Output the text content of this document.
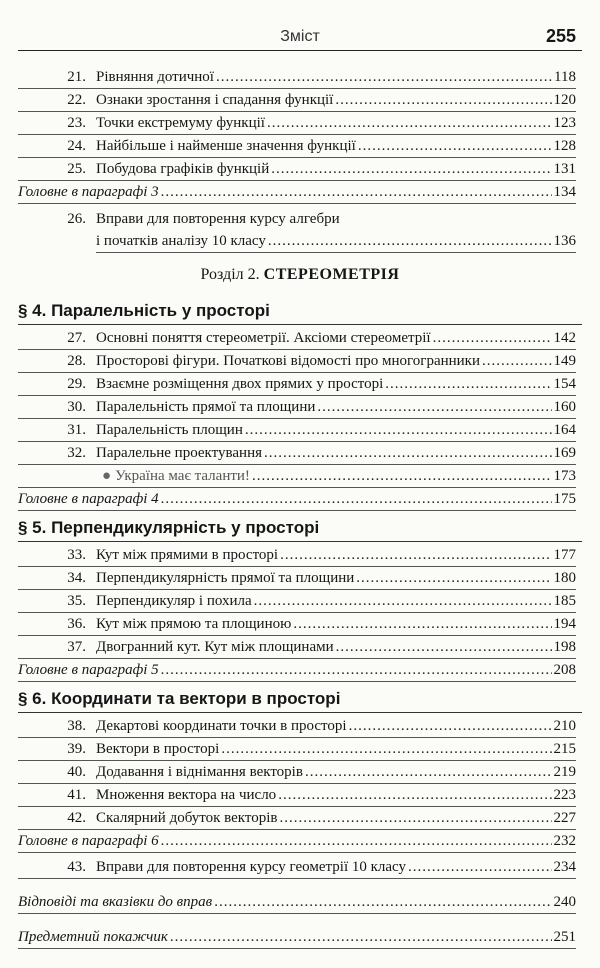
Зміст	255
21. Рівняння дотичної .....	118
22. Ознаки зростання і спадання функції .....	120
23. Точки екстремуму функції .....	123
24. Найбільше і найменше значення функції .....	128
25. Побудова графіків функцій .....	131
Головне в параграфі 3 .....	134
26. Вправи для повторення курсу алгебри
і початків аналізу 10 класу .....	136
Розділ 2. СТЕРЕОМЕТРІЯ
§ 4. Паралельність у просторі
27. Основні поняття стереометрії. Аксіоми стереометрії .....	142
28. Просторові фігури. Початкові відомості про многогранники .....	149
29. Взаємне розміщення двох прямих у просторі .....	154
30. Паралельність прямої та площини .....	160
31. Паралельність площин .....	164
32. Паралельне проектування .....	169
● Україна має таланти! .....	173
Головне в параграфі 4 .....	175
§ 5. Перпендикулярність у просторі
33. Кут між прямими в просторі .....	177
34. Перпендикулярність прямої та площини .....	180
35. Перпендикуляр і похила .....	185
36. Кут між прямою та площиною .....	194
37. Двогранний кут. Кут між площинами .....	198
Головне в параграфі 5 .....	208
§ 6. Координати та вектори в просторі
38. Декартові координати точки в просторі .....	210
39. Вектори в просторі .....	215
40. Додавання і віднімання векторів .....	219
41. Множення вектора на число .....	223
42. Скалярний добуток векторів .....	227
Головне в параграфі 6 .....	232
43. Вправи для повторення курсу геометрії 10 класу .....	234
Відповіді та вказівки до вправ .....	240
Предметний покажчик .....	251
